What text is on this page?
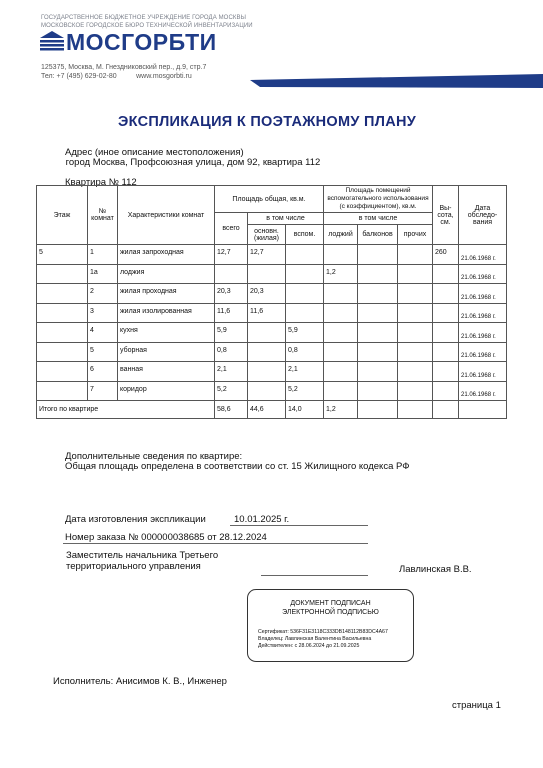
ГОСУДАРСТВЕННОЕ БЮДЖЕТНОЕ УЧРЕЖДЕНИЕ ГОРОДА МОСКВЫ
МОСКОВСКОЕ ГОРОДСКОЕ БЮРО ТЕХНИЧЕСКОЙ ИНВЕНТАРИЗАЦИИ
МОСГОРБТИ
125375, Москва, М. Гнездниковский пер., д.9, стр.7
Тел: +7 (495) 629-02-80          www.mosgorbti.ru
ЭКСПЛИКАЦИЯ К ПОЭТАЖНОМУ ПЛАНУ
Адрес (иное описание местоположения)
город Москва, Профсоюзная улица, дом 92, квартира 112
Квартира № 112
Этаж	№ комнат	Характеристики комнат	Площадь общая, кв.м.			Площадь помещений вспомогательного использования (с коэффициентом), кв.м.			Вы-сота, см.	Дата обследо-вания
			всего	в том числе		в том числе				
				основн. (жилая)	вспом.	лоджий	балконов	прочих		
5	1	жилая запроходная	12,7	12,7					260	21.06.1968 г.
	1а	лоджия				1,2				21.06.1968 г.
	2	жилая проходная	20,3	20,3						21.06.1968 г.
	3	жилая изолированная	11,6	11,6						21.06.1968 г.
	4	кухня	5,9		5,9					21.06.1968 г.
	5	уборная	0,8		0,8					21.06.1968 г.
	6	ванная	2,1		2,1					21.06.1968 г.
	7	коридор	5,2		5,2					21.06.1968 г.
Итого по квартире			58,6	44,6	14,0	1,2				
Дополнительные сведения по квартире:
Общая площадь определена в соответствии со ст. 15 Жилищного кодекса РФ
Дата изготовления экспликации	10.01.2025 г.
Номер заказа № 000000038685 от 28.12.2024
Заместитель начальника Третьего
территориального управления	Лавлинская В.В.
ДОКУМЕНТ ПОДПИСАН
ЭЛЕКТРОННОЙ ПОДПИСЬЮ
Сертификат: 536F31E3118C333DB148112B83DC4A67
Владелец: Лавлинская Валентина Васильевна
Действителен: с 28.06.2024 до 21.09.2025
Исполнитель: Анисимов К. В., Инженер
страница 1
